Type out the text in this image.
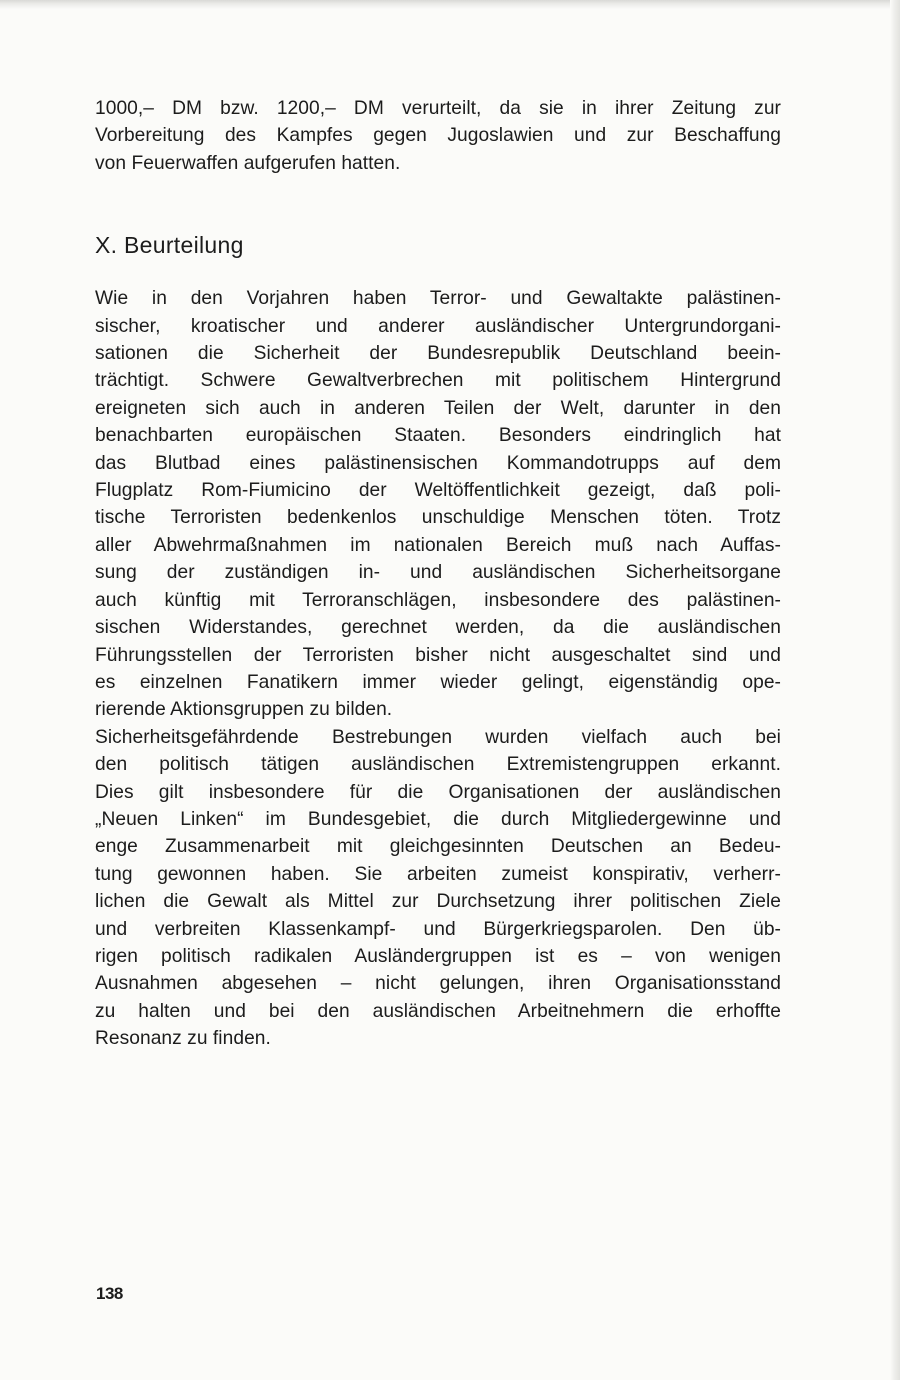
1000,– DM bzw. 1200,– DM verurteilt, da sie in ihrer Zeitung zur
Vorbereitung des Kampfes gegen Jugoslawien und zur Beschaffung
von Feuerwaffen aufgerufen hatten.
X. Beurteilung
Wie in den Vorjahren haben Terror- und Gewaltakte palästinen-
sischer, kroatischer und anderer ausländischer Untergrundorgani-
sationen die Sicherheit der Bundesrepublik Deutschland beein-
trächtigt. Schwere Gewaltverbrechen mit politischem Hintergrund
ereigneten sich auch in anderen Teilen der Welt, darunter in den
benachbarten europäischen Staaten. Besonders eindringlich hat
das Blutbad eines palästinensischen Kommandotrupps auf dem
Flugplatz Rom-Fiumicino der Weltöffentlichkeit gezeigt, daß poli-
tische Terroristen bedenkenlos unschuldige Menschen töten. Trotz
aller Abwehrmaßnahmen im nationalen Bereich muß nach Auffas-
sung der zuständigen in- und ausländischen Sicherheitsorgane
auch künftig mit Terroranschlägen, insbesondere des palästinen-
sischen Widerstandes, gerechnet werden, da die ausländischen
Führungsstellen der Terroristen bisher nicht ausgeschaltet sind und
es einzelnen Fanatikern immer wieder gelingt, eigenständig ope-
rierende Aktionsgruppen zu bilden.
Sicherheitsgefährdende Bestrebungen wurden vielfach auch bei
den politisch tätigen ausländischen Extremistengruppen erkannt.
Dies gilt insbesondere für die Organisationen der ausländischen
„Neuen Linken“ im Bundesgebiet, die durch Mitgliedergewinne und
enge Zusammenarbeit mit gleichgesinnten Deutschen an Bedeu-
tung gewonnen haben. Sie arbeiten zumeist konspirativ, verherr-
lichen die Gewalt als Mittel zur Durchsetzung ihrer politischen Ziele
und verbreiten Klassenkampf- und Bürgerkriegsparolen. Den üb-
rigen politisch radikalen Ausländergruppen ist es – von wenigen
Ausnahmen abgesehen – nicht gelungen, ihren Organisationsstand
zu halten und bei den ausländischen Arbeitnehmern die erhoffte
Resonanz zu finden.
138
